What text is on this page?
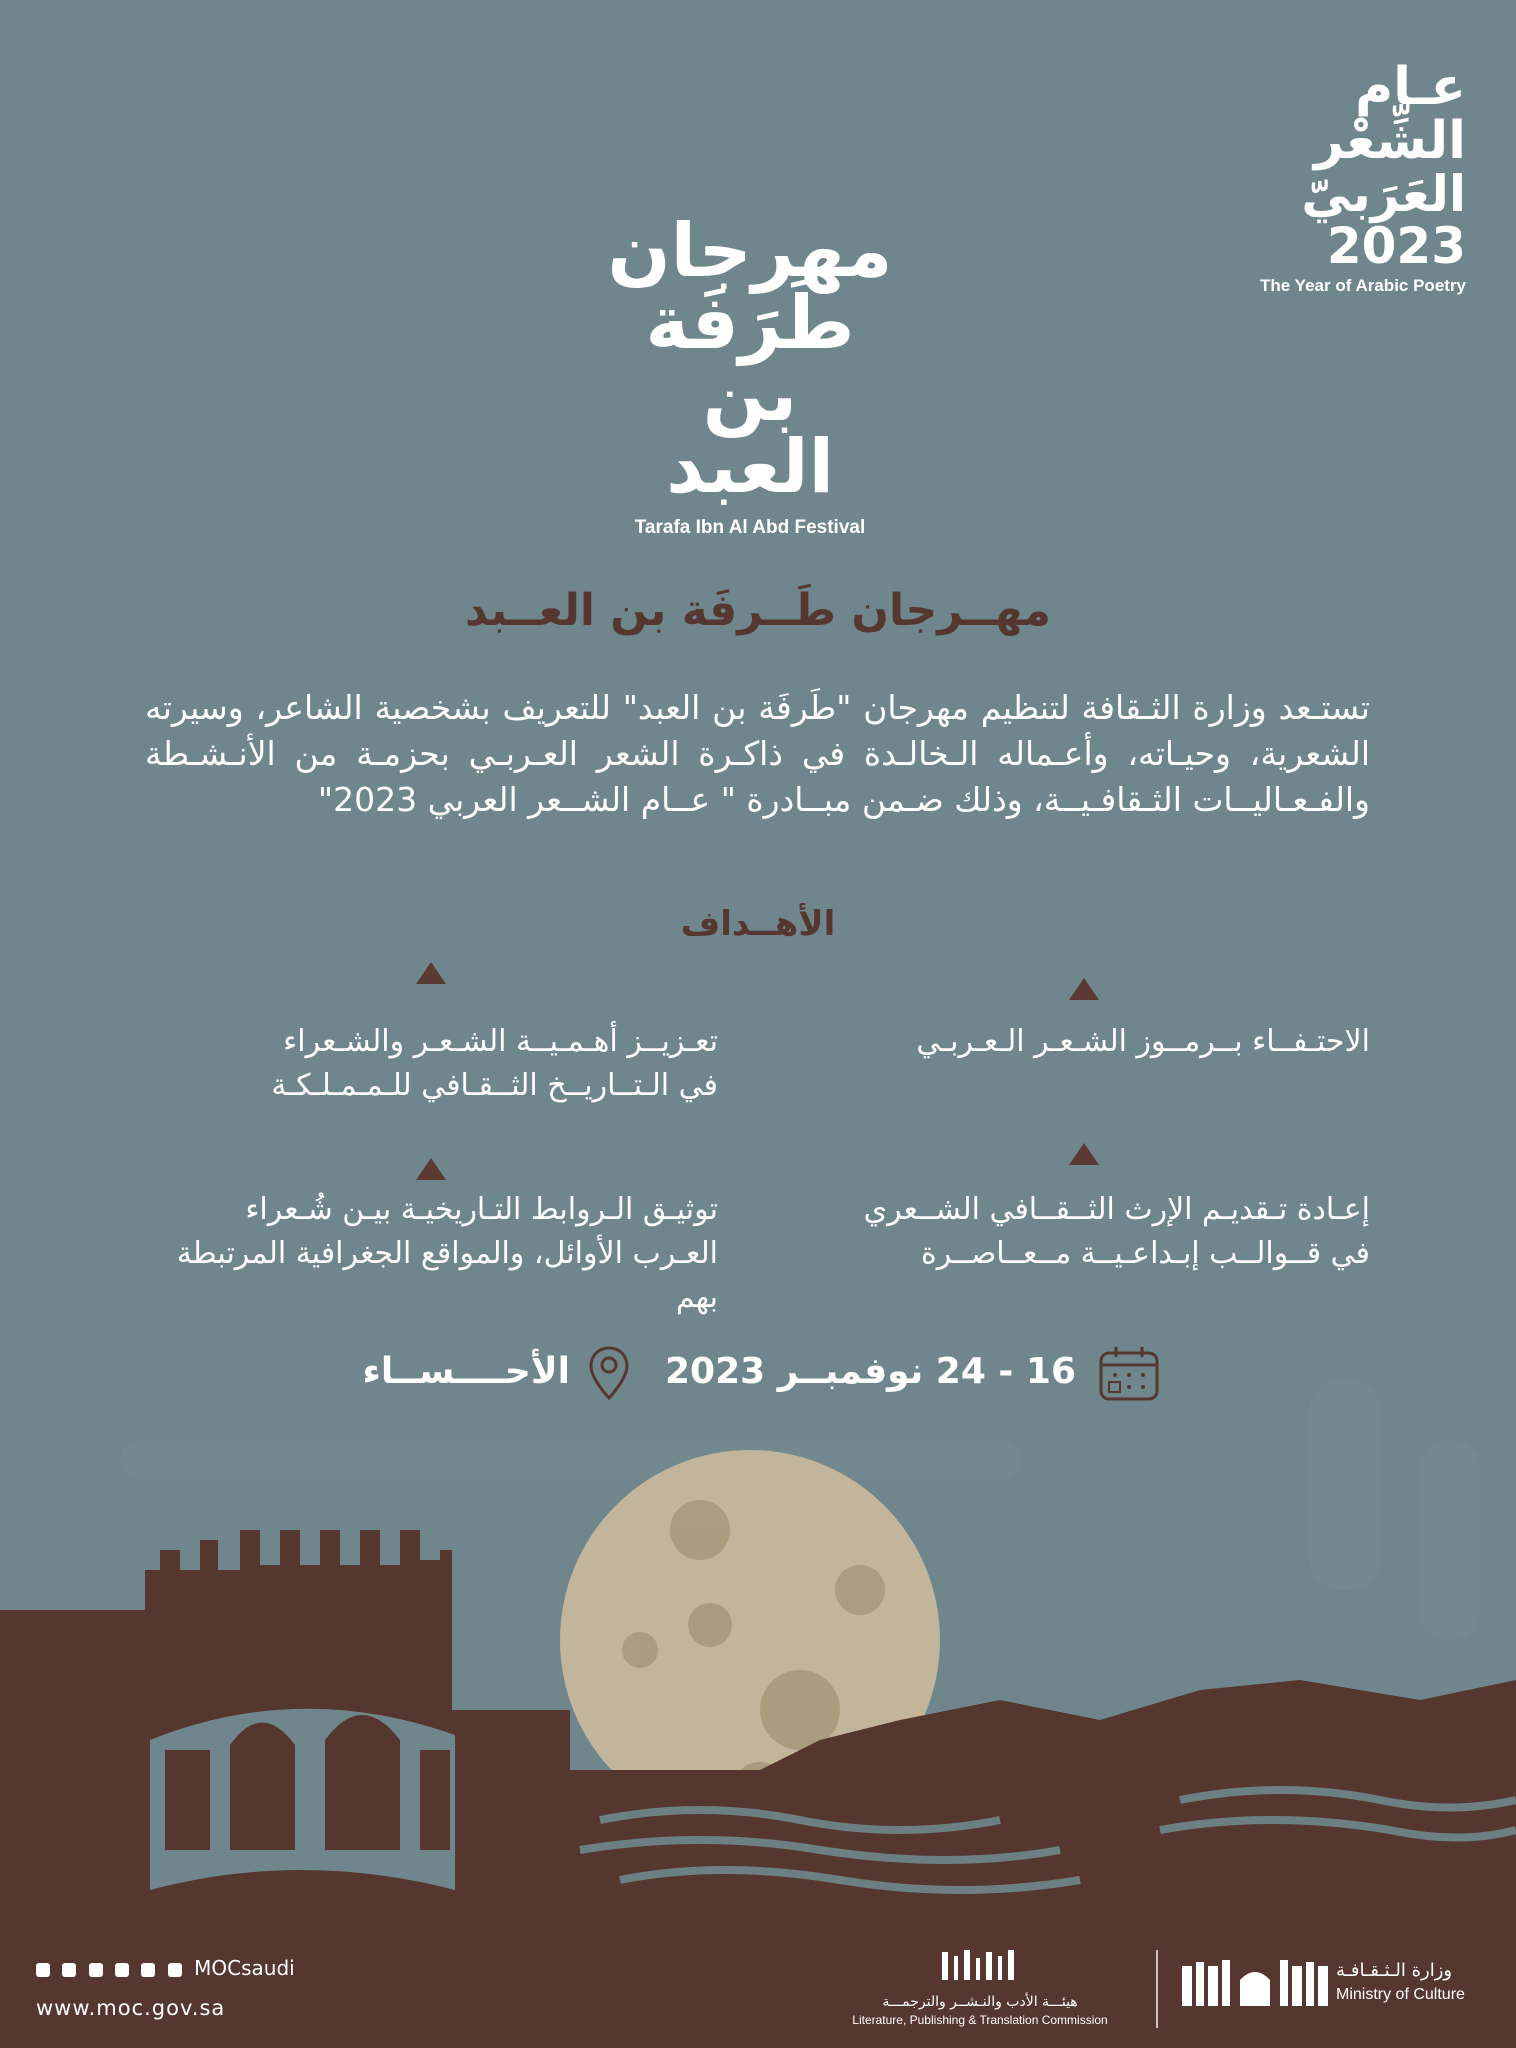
عـام الشِّعْر
العَرَبيّ 2023
The Year of Arabic Poetry
مهرجان
طَرَفَة
بن
العبد
Tarafa Ibn Al Abd Festival
مهــرجان طَــرفَة بن العــبد
تستـعد وزارة الثـقافة لتنظيم مهرجان "طَرفَة بن العبد" للتعريف بشخصية الشاعر، وسيرته الشعرية، وحيـاته، وأعـماله الـخالـدة في ذاكـرة الشعر العـربـي بحزمـة من الأنـشـطة والفـعـاليــات الثـقافـيــة، وذلك ضـمن مبــادرة " عــام الشــعر العربي 2023"
الأهــداف
الاحتـفــاء بــرمــوز الشـعـر الـعـربـي
تعـزيــز أهـمـيــة الشـعـر والشـعراء
في الـتــاريــخ الثــقـافي للـمـمـلـكـة
إعـادة تـقديـم الإرث الثــقــافي الشــعري
في قــوالــب إبـداعـيــة مــعــاصــرة
توثيـق الـروابط التـاريخيـة بيـن شُـعراء
العـرب الأوائل، والمواقع الجغرافية المرتبطة بهم
16 - 24 نوفمبــر 2023
الأحــــســاء
MOCsaudi
www.moc.gov.sa	هيئـــة الأدب والنـشــر والترجمـــة
Literature, Publishing & Translation Commission
وزارة الـثـقـافـة
Ministry of Culture
